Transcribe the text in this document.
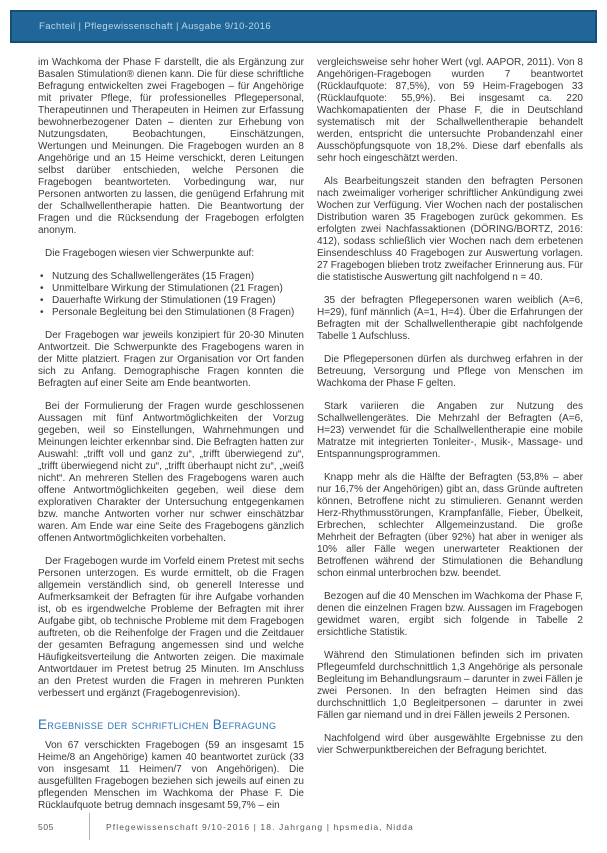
Fachteil | Pflegewissenschaft | Ausgabe 9/10-2016

im Wachkoma der Phase F darstellt, die als Ergänzung zur Basalen Stimulation® dienen kann. Die für diese schriftliche Befragung entwickelten zwei Fragebogen – für Angehörige mit privater Pflege, für professionelles Pflegepersonal, Therapeutinnen und Therapeuten in Heimen zur Erfassung bewohnerbezogener Daten – dienten zur Erhebung von Nutzungsdaten, Beobachtungen, Einschätzungen, Wertungen und Meinungen. Die Fragebogen wurden an 8 Angehörige und an 15 Heime verschickt, deren Leitungen selbst darüber entschieden, welche Personen die Fragebogen beantworteten. Vorbedingung war, nur Personen antworten zu lassen, die genügend Erfahrung mit der Schallwellentherapie hatten. Die Beantwortung der Fragen und die Rücksendung der Fragebogen erfolgten anonym.

Die Fragebogen wiesen vier Schwerpunkte auf:

• Nutzung des Schallwellengerätes (15 Fragen)
• Unmittelbare Wirkung der Stimulationen (21 Fragen)
• Dauerhafte Wirkung der Stimulationen (19 Fragen)
• Personale Begleitung bei den Stimulationen (8 Fragen)

Der Fragebogen war jeweils konzipiert für 20-30 Minuten Antwortzeit. Die Schwerpunkte des Fragebogens waren in der Mitte platziert. Fragen zur Organisation vor Ort fanden sich zu Anfang. Demographische Fragen konnten die Befragten auf einer Seite am Ende beantworten.

Bei der Formulierung der Fragen wurde geschlossenen Aussagen mit fünf Antwortmöglichkeiten der Vorzug gegeben, weil so Einstellungen, Wahrnehmungen und Meinungen leichter erkennbar sind. Die Befragten hatten zur Auswahl: „trifft voll und ganz zu“, „trifft überwiegend zu“, „trifft überwiegend nicht zu“, „trifft überhaupt nicht zu“, „weiß nicht“. An mehreren Stellen des Fragebogens waren auch offene Antwortmöglichkeiten gegeben, weil diese dem explorativen Charakter der Untersuchung entgegenkamen bzw. manche Antworten vorher nur schwer einschätzbar waren. Am Ende war eine Seite des Fragebogens gänzlich offenen Antwortmöglichkeiten vorbehalten.

Der Fragebogen wurde im Vorfeld einem Pretest mit sechs Personen unterzogen. Es wurde ermittelt, ob die Fragen allgemein verständlich sind, ob generell Interesse und Aufmerksamkeit der Befragten für ihre Aufgabe vorhanden ist, ob es irgendwelche Probleme der Befragten mit ihrer Aufgabe gibt, ob technische Probleme mit dem Fragebogen auftreten, ob die Reihenfolge der Fragen und die Zeitdauer der gesamten Befragung angemessen sind und welche Häufigkeitsverteilung die Antworten zeigen. Die maximale Antwortdauer im Pretest betrug 25 Minuten. Im Anschluss an den Pretest wurden die Fragen in mehreren Punkten verbessert und ergänzt (Fragebogenrevision).

Ergebnisse der schriftlichen Befragung

Von 67 verschickten Fragebogen (59 an insgesamt 15 Heime/8 an Angehörige) kamen 40 beantwortet zurück (33 von insgesamt 11 Heimen/7 von Angehörigen). Die ausgefüllten Fragebogen beziehen sich jeweils auf einen zu pflegenden Menschen im Wachkoma der Phase F. Die Rücklaufquote betrug demnach insgesamt 59,7% – ein

vergleichsweise sehr hoher Wert (vgl. AAPOR, 2011). Von 8 Angehörigen-Fragebogen wurden 7 beantwortet (Rücklaufquote: 87,5%), von 59 Heim-Fragebogen 33 (Rücklaufquote: 55,9%). Bei insgesamt ca. 220 Wachkomapatienten der Phase F, die in Deutschland systematisch mit der Schallwellentherapie behandelt werden, entspricht die untersuchte Probandenzahl einer Ausschöpfungsquote von 18,2%. Diese darf ebenfalls als sehr hoch eingeschätzt werden.

Als Bearbeitungszeit standen den befragten Personen nach zweimaliger vorheriger schriftlicher Ankündigung zwei Wochen zur Verfügung. Vier Wochen nach der postalischen Distribution waren 35 Fragebogen zurück gekommen. Es erfolgten zwei Nachfassaktionen (DÖRING/BORTZ, 2016: 412), sodass schließlich vier Wochen nach dem erbetenen Einsendeschluss 40 Fragebogen zur Auswertung vorlagen. 27 Fragebogen blieben trotz zweifacher Erinnerung aus. Für die statistische Auswertung gilt nachfolgend n = 40.

35 der befragten Pflegepersonen waren weiblich (A=6, H=29), fünf männlich (A=1, H=4). Über die Erfahrungen der Befragten mit der Schallwellentherapie gibt nachfolgende Tabelle 1 Aufschluss.

Die Pflegepersonen dürfen als durchweg erfahren in der Betreuung, Versorgung und Pflege von Menschen im Wachkoma der Phase F gelten.

Stark variieren die Angaben zur Nutzung des Schallwellengerätes. Die Mehrzahl der Befragten (A=6, H=23) verwendet für die Schallwellentherapie eine mobile Matratze mit integrierten Tonleiter-, Musik-, Massage- und Entspannungsprogrammen.

Knapp mehr als die Hälfte der Befragten (53,8% – aber nur 16,7% der Angehörigen) gibt an, dass Gründe auftreten können, Betroffene nicht zu stimulieren. Genannt werden Herz-Rhythmusstörungen, Krampfanfälle, Fieber, Übelkeit, Erbrechen, schlechter Allgemeinzustand. Die große Mehrheit der Befragten (über 92%) hat aber in weniger als 10% aller Fälle wegen unerwarteter Reaktionen der Betroffenen während der Stimulationen die Behandlung schon einmal unterbrochen bzw. beendet.

Bezogen auf die 40 Menschen im Wachkoma der Phase F, denen die einzelnen Fragen bzw. Aussagen im Fragebogen gewidmet waren, ergibt sich folgende in Tabelle 2 ersichtliche Statistik.

Während den Stimulationen befinden sich im privaten Pflegeumfeld durchschnittlich 1,3 Angehörige als personale Begleitung im Behandlungsraum – darunter in zwei Fällen je zwei Personen. In den befragten Heimen sind das durchschnittlich 1,0 Begleitpersonen – darunter in zwei Fällen gar niemand und in drei Fällen jeweils 2 Personen.

Nachfolgend wird über ausgewählte Ergebnisse zu den vier Schwerpunktbereichen der Befragung berichtet.

505	Pflegewissenschaft 9/10-2016 | 18. Jahrgang | hpsmedia, Nidda
